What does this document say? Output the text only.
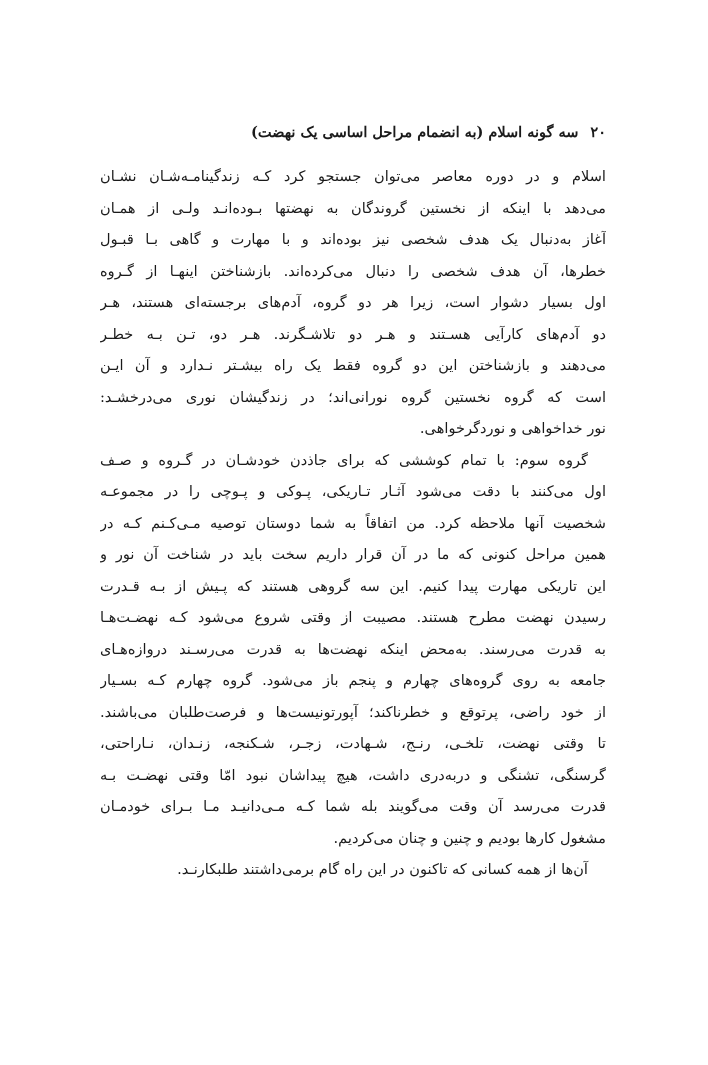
۲۰
سه گونه اسلام (به انضمام مراحل اساسی یک نهضت)
اسلام و در دوره معاصر می‌توان جستجو کرد کـه زندگینامـه‌شـان نشـان
می‌دهد با اینکه از نخستین گروندگان به نهضتها بـوده‌انـد ولـی از همـان
آغاز به‌دنبال یک هدف شخصی نیز بوده‌اند و با مهارت و گاهی بـا قبـول
خطرها، آن هدف شخصی را دنبال می‌کرده‌اند. بازشناختن اینهـا از گـروه
اول بسیار دشوار است، زیرا هر دو گروه، آدم‌های برجسته‌ای هستند، هـر
دو آدم‌های کارآیی هسـتند و هـر دو تلاشـگرند. هـر دو، تـن بـه خطـر
می‌دهند و بازشناختن این دو گروه فقط یک راه بیشـتر نـدارد و آن ایـن
است که گروه نخستین گروه نورانی‌اند؛ در زندگیشان نوری می‌درخشـد:
نور خداخواهی و نوردگرخواهی.
گروه سوم: با تمام کوششی که برای جاذدن خودشـان در گـروه و صـف
اول می‌کنند با دقت می‌شود آثـار تـاریکی، پـوکی و پـوچی را در مجموعـه
شخصیت آنها ملاحظه کرد. من اتفاقاً به شما دوستان توصیه مـی‌کـنم کـه در
همین مراحل کنونی که ما در آن قرار داریم سخت باید در شناخت آن نور و
این تاریکی مهارت پیدا کنیم. این سه گروهی هستند که پـیش از بـه قـدرت
رسیدن نهضت مطرح هستند. مصیبت از وقتی شروع می‌شود کـه نهضـت‌هـا
به قدرت می‌رسند. به‌محض اینکه نهضت‌ها به قدرت می‌رسـند دروازه‌هـای
جامعه به روی گروه‌های چهارم و پنجم باز می‌شود. گروه چهارم کـه بسـیار
از خود راضی، پرتوقع و خطرناکند؛ آپورتونیست‌ها و فرصت‌طلبان می‌باشند.
تا وقتی نهضت، تلخـی، رنـج، شـهادت، زجـر، شـکنجه، زنـدان، نـاراحتی،
گرسنگی، تشنگی و دربه‌دری داشت، هیچ پیداشان نبود امّا وقتی نهضـت بـه
قدرت می‌رسد آن وقت می‌گویند بله شما کـه مـی‌دانیـد مـا بـرای خودمـان
مشغول کارها بودیم و چنین و چنان می‌کردیم.
آن‌ها از همه کسانی که تاکنون در این راه گام برمی‌داشتند طلبکارنـد.
